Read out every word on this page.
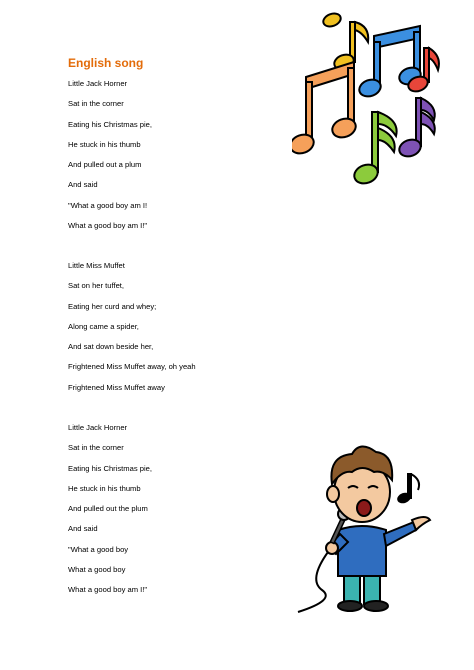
English song
Little Jack Horner
Sat in the corner
Eating his Christmas pie,
He stuck in his thumb
And pulled out a plum
And said
"What a good boy am I!
What a good boy am I!"
Little Miss Muffet
Sat on her tuffet,
Eating her curd and whey;
Along came a spider,
And sat down beside her,
Frightened Miss Muffet away, oh yeah
Frightened Miss Muffet away
Little Jack Horner
Sat in the corner
Eating his Christmas pie,
He stuck in his thumb
And pulled out the plum
And said
"What a good boy
What a good boy
What a good boy am I!"
